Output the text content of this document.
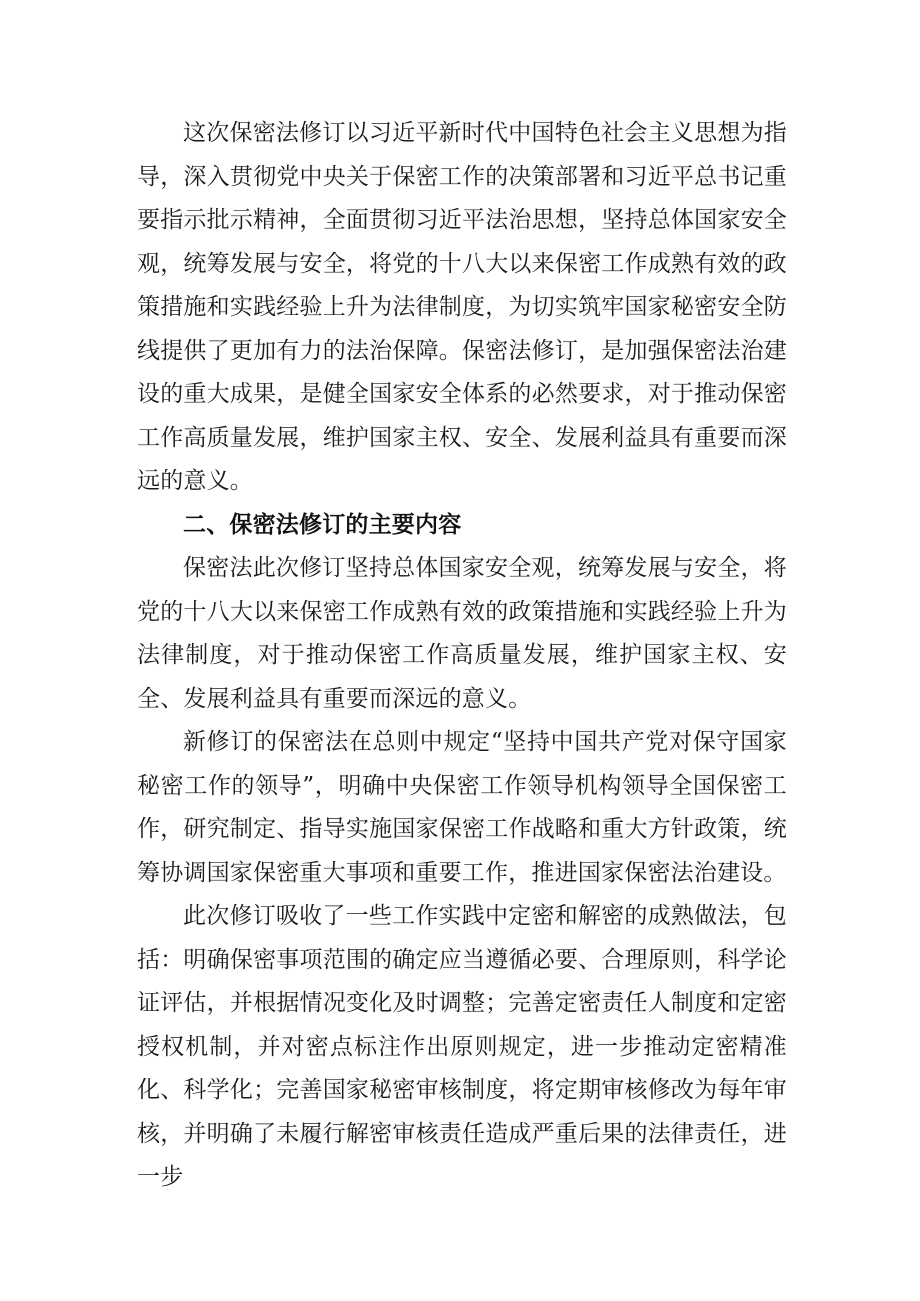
这次保密法修订以习近平新时代中国特色社会主义思想为指导，深入贯彻党中央关于保密工作的决策部署和习近平总书记重要指示批示精神，全面贯彻习近平法治思想，坚持总体国家安全观，统筹发展与安全，将党的十八大以来保密工作成熟有效的政策措施和实践经验上升为法律制度，为切实筑牢国家秘密安全防线提供了更加有力的法治保障。保密法修订，是加强保密法治建设的重大成果，是健全国家安全体系的必然要求，对于推动保密工作高质量发展，维护国家主权、安全、发展利益具有重要而深远的意义。

二、保密法修订的主要内容

保密法此次修订坚持总体国家安全观，统筹发展与安全，将党的十八大以来保密工作成熟有效的政策措施和实践经验上升为法律制度，对于推动保密工作高质量发展，维护国家主权、安全、发展利益具有重要而深远的意义。

新修订的保密法在总则中规定“坚持中国共产党对保守国家秘密工作的领导”，明确中央保密工作领导机构领导全国保密工作，研究制定、指导实施国家保密工作战略和重大方针政策，统筹协调国家保密重大事项和重要工作，推进国家保密法治建设。

此次修订吸收了一些工作实践中定密和解密的成熟做法，包括：明确保密事项范围的确定应当遵循必要、合理原则，科学论证评估，并根据情况变化及时调整；完善定密责任人制度和定密授权机制，并对密点标注作出原则规定，进一步推动定密精准化、科学化；完善国家秘密审核制度，将定期审核修改为每年审核，并明确了未履行解密审核责任造成严重后果的法律责任，进一步
